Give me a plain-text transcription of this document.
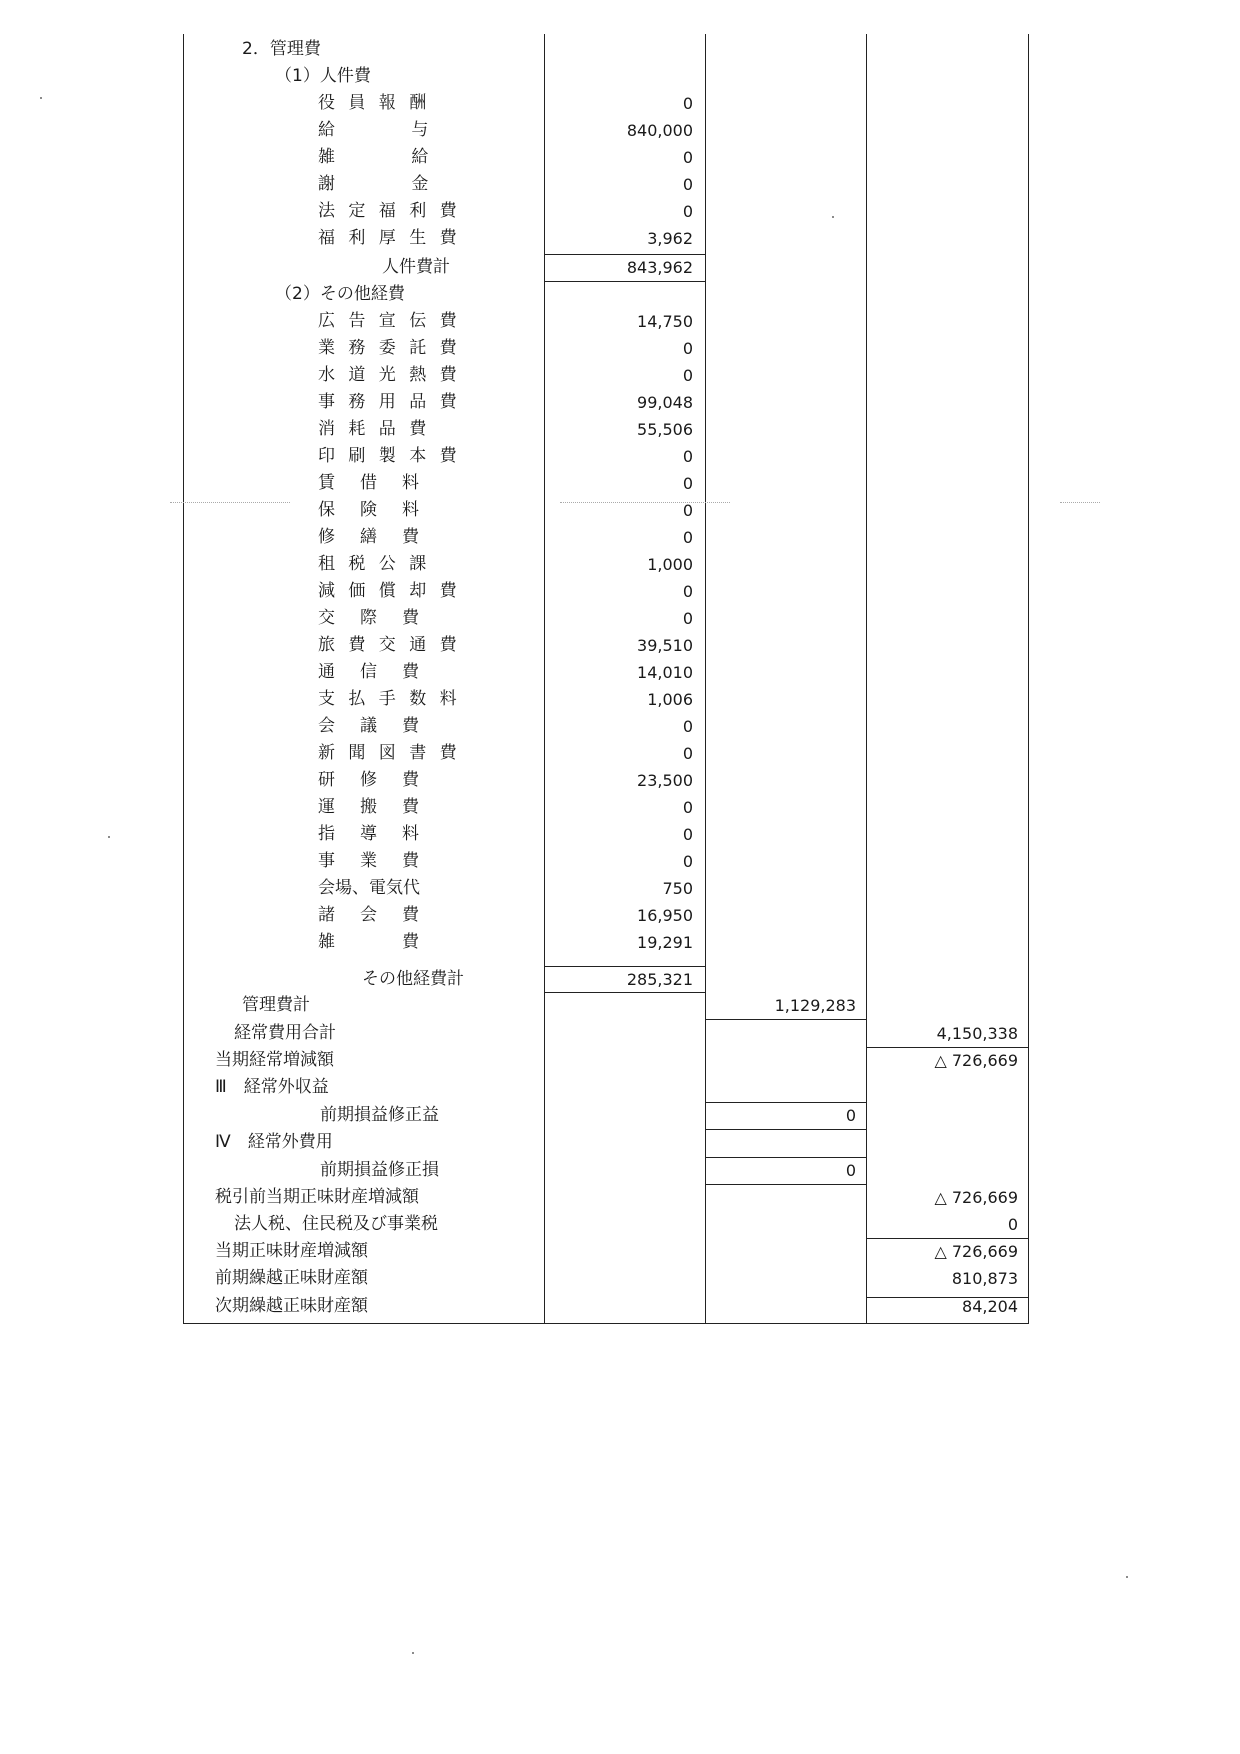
2．管理費
（1）人件費
役 員 報 酬	0
給　　　 与	840,000
雑　　　 給	0
謝　　　 金	0
法 定 福 利 費	0
福 利 厚 生 費	3,962
人件費計	843,962
（2）その他経費
広 告 宣 伝 費	14,750
業 務 委 託 費	0
水 道 光 熱 費	0
事 務 用 品 費	99,048
消 耗 品 費	55,506
印 刷 製 本 費	0
賃　借　料	0
保　険　料	0
修　繕　費	0
租 税 公 課	1,000
減 価 償 却 費	0
交　際　費	0
旅 費 交 通 費	39,510
通　信　費	14,010
支 払 手 数 料	1,006
会　議　費	0
新 聞 図 書 費	0
研　修　費	23,500
運　搬　費	0
指　導　料	0
事　業　費	0
会場、電気代	750
諸　会　費	16,950
雑　　　費	19,291
その他経費計	285,321
管理費計	1,129,283
経常費用合計	4,150,338
当期経常増減額	△ 726,669
Ⅲ　経常外収益
前期損益修正益	0
Ⅳ　経常外費用
前期損益修正損	0
税引前当期正味財産増減額	△ 726,669
法人税、住民税及び事業税	0
当期正味財産増減額	△ 726,669
前期繰越正味財産額	810,873
次期繰越正味財産額	84,204
